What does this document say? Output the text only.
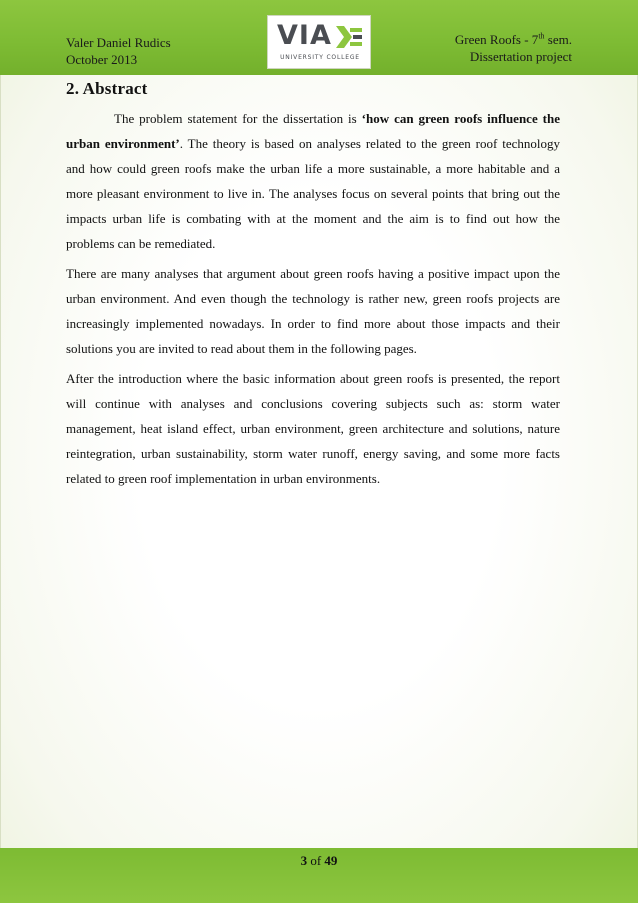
Valer Daniel Rudics
October 2013
VIA
UNIVERSITY COLLEGE
Green Roofs - 7th sem.
Dissertation project
2. Abstract

The problem statement for the dissertation is ‘how can green roofs influence the urban environment’. The theory is based on analyses related to the green roof technology and how could green roofs make the urban life a more sustainable, a more habitable and a more pleasant environment to live in. The analyses focus on several points that bring out the impacts urban life is combating with at the moment and the aim is to find out how the problems can be remediated.

There are many analyses that argument about green roofs having a positive impact upon the urban environment. And even though the technology is rather new, green roofs projects are increasingly implemented nowadays. In order to find more about those impacts and their solutions you are invited to read about them in the following pages.

After the introduction where the basic information about green roofs is presented, the report will continue with analyses and conclusions covering subjects such as: storm water management, heat island effect, urban environment, green architecture and solutions, nature reintegration, urban sustainability, storm water runoff, energy saving, and some more facts related to green roof implementation in urban environments.

3 of 49
